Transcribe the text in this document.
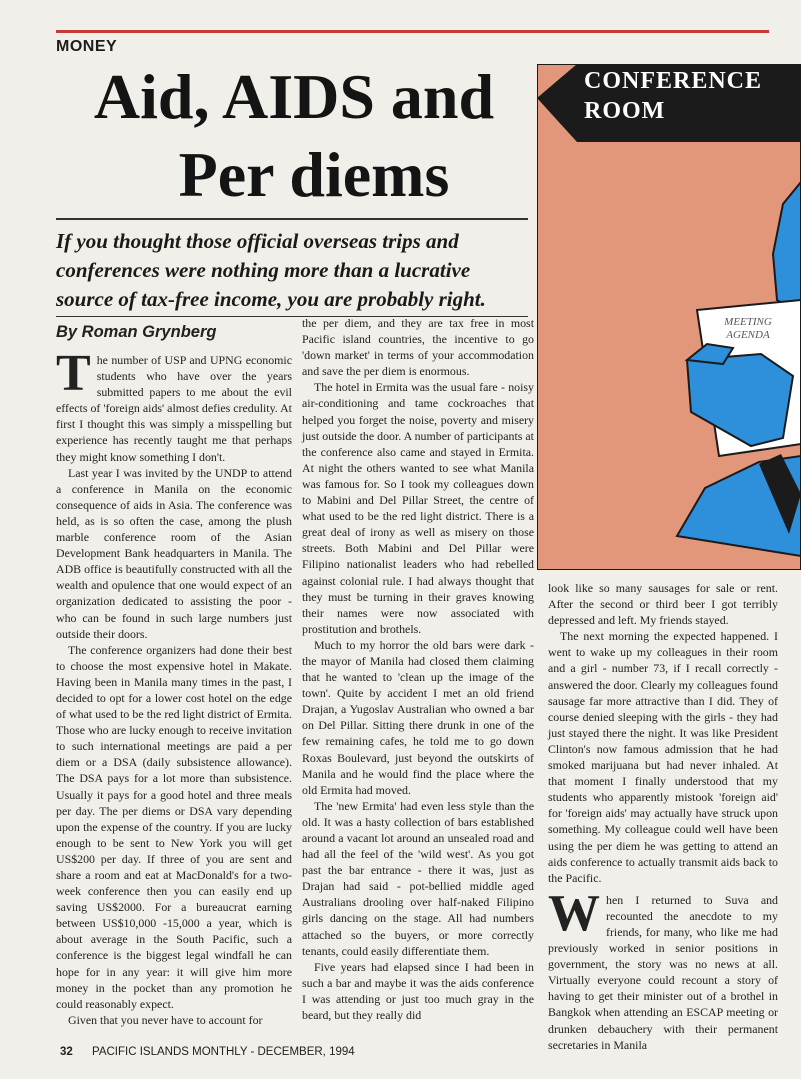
MONEY
Aid, AIDS and
Per diems
If you thought those official overseas trips and conferences were nothing more than a lucrative source of tax-free income, you are probably right.
By Roman Grynberg
CONFERENCE
ROOM
MEETING
AGENDA

The number of USP and UPNG economic students who have over the years submitted papers to me about the evil effects of 'foreign aids' almost defies credulity. At first I thought this was simply a misspelling but experience has recently taught me that perhaps they might know something I don't.

Last year I was invited by the UNDP to attend a conference in Manila on the economic consequence of aids in Asia. The conference was held, as is so often the case, among the plush marble conference room of the Asian Development Bank headquarters in Manila. The ADB office is beautifully constructed with all the wealth and opulence that one would expect of an organization dedicated to assisting the poor - who can be found in such large numbers just outside their doors.

The conference organizers had done their best to choose the most expensive hotel in Makate. Having been in Manila many times in the past, I decided to opt for a lower cost hotel on the edge of what used to be the red light district of Ermita. Those who are lucky enough to receive invitation to such international meetings are paid a per diem or a DSA (daily subsistence allowance). The DSA pays for a lot more than subsistence. Usually it pays for a good hotel and three meals per day. The per diems or DSA vary depending upon the expense of the country. If you are lucky enough to be sent to New York you will get US$200 per day. If three of you are sent and share a room and eat at MacDonald's for a two-week conference then you can easily end up saving US$2000. For a bureaucrat earning between US$10,000 -15,000 a year, which is about average in the South Pacific, such a conference is the biggest legal windfall he can hope for in any year: it will give him more money in the pocket than any promotion he could reasonably expect.

Given that you never have to account for

the per diem, and they are tax free in most Pacific island countries, the incentive to go 'down market' in terms of your accommodation and save the per diem is enormous.

The hotel in Ermita was the usual fare - noisy air-conditioning and tame cockroaches that helped you forget the noise, poverty and misery just outside the door. A number of participants at the conference also came and stayed in Ermita. At night the others wanted to see what Manila was famous for. So I took my colleagues down to Mabini and Del Pillar Street, the centre of what used to be the red light district. There is a great deal of irony as well as misery on those streets. Both Mabini and Del Pillar were Filipino nationalist leaders who had rebelled against colonial rule. I had always thought that they must be turning in their graves knowing their names were now associated with prostitution and brothels.

Much to my horror the old bars were dark - the mayor of Manila had closed them claiming that he wanted to 'clean up the image of the town'. Quite by accident I met an old friend Drajan, a Yugoslav Australian who owned a bar on Del Pillar. Sitting there drunk in one of the few remaining cafes, he told me to go down Roxas Boulevard, just beyond the outskirts of Manila and he would find the place where the old Ermita had moved.

The 'new Ermita' had even less style than the old. It was a hasty collection of bars established around a vacant lot around an unsealed road and had all the feel of the 'wild west'. As you got past the bar entrance - there it was, just as Drajan had said - pot-bellied middle aged Australians drooling over half-naked Filipino girls dancing on the stage. All had numbers attached so the buyers, or more correctly tenants, could easily differentiate them.

Five years had elapsed since I had been in such a bar and maybe it was the aids conference I was attending or just too much gray in the beard, but they really did

look like so many sausages for sale or rent. After the second or third beer I got terribly depressed and left. My friends stayed.

The next morning the expected happened. I went to wake up my colleagues in their room and a girl - number 73, if I recall correctly - answered the door. Clearly my colleagues found sausage far more attractive than I did. They of course denied sleeping with the girls - they had just stayed there the night. It was like President Clinton's now famous admission that he had smoked marijuana but had never inhaled. At that moment I finally understood that my students who apparently mistook 'foreign aid' for 'foreign aids' may actually have struck upon something. My colleague could well have been using the per diem he was getting to attend an aids conference to actually transmit aids back to the Pacific.

When I returned to Suva and recounted the anecdote to my friends, for many, who like me had previously worked in senior positions in government, the story was no news at all. Virtually everyone could recount a story of having to get their minister out of a brothel in Bangkok when attending an ESCAP meeting or drunken debauchery with their permanent secretaries in Manila

32 PACIFIC ISLANDS MONTHLY - DECEMBER, 1994
